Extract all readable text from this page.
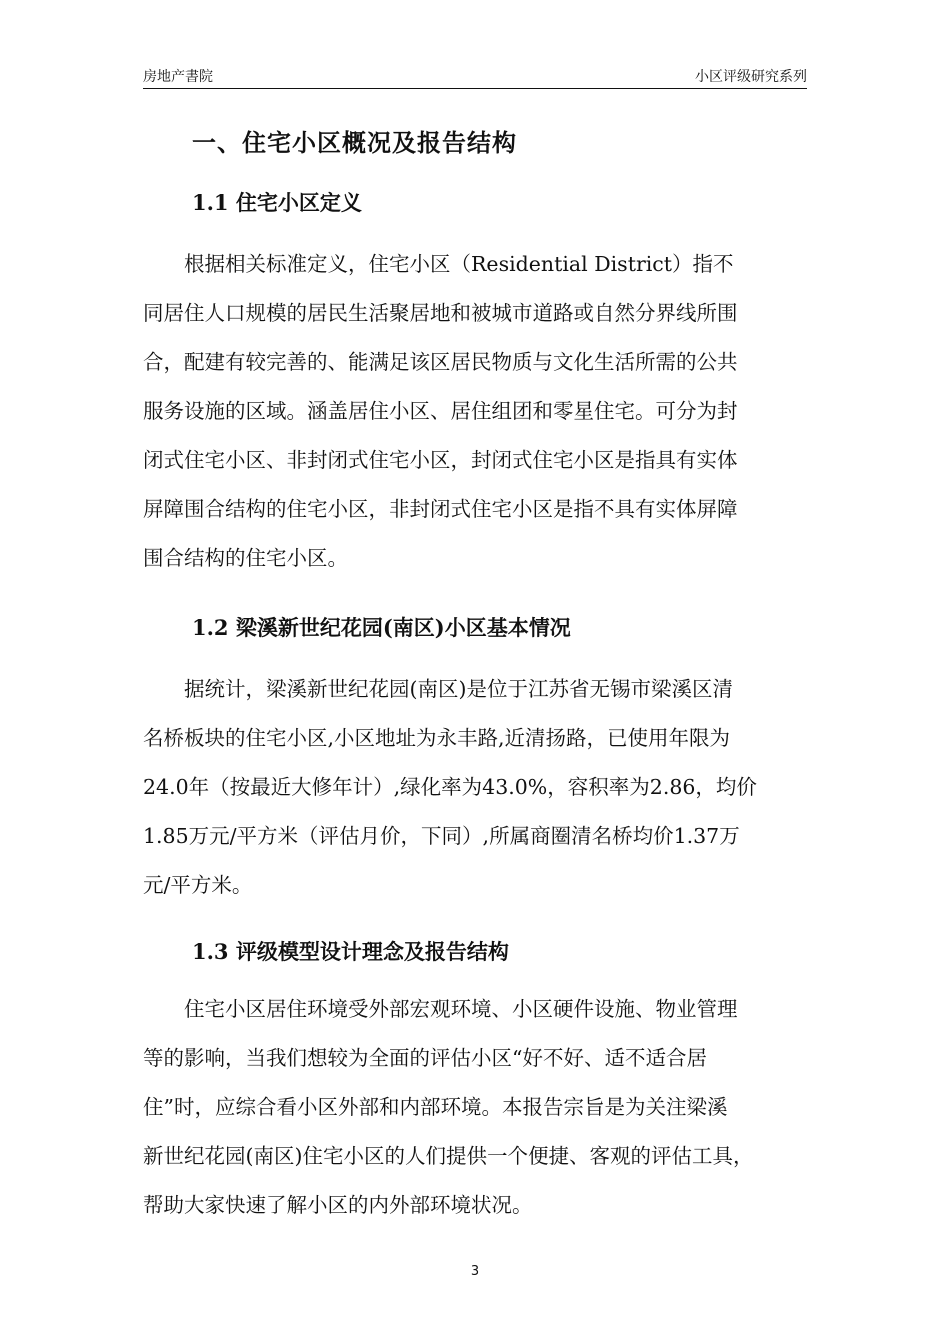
房地产書院	小区评级研究系列
一、住宅小区概况及报告结构
1.1 住宅小区定义
　　根据相关标准定义，住宅小区（Residential District）指不
同居住人口规模的居民生活聚居地和被城市道路或自然分界线所围
合，配建有较完善的、能满足该区居民物质与文化生活所需的公共
服务设施的区域。涵盖居住小区、居住组团和零星住宅。可分为封
闭式住宅小区、非封闭式住宅小区，封闭式住宅小区是指具有实体
屏障围合结构的住宅小区，非封闭式住宅小区是指不具有实体屏障
围合结构的住宅小区。
1.2 梁溪新世纪花园(南区)小区基本情况
　　据统计，梁溪新世纪花园(南区)是位于江苏省无锡市梁溪区清
名桥板块的住宅小区,小区地址为永丰路,近清扬路，已使用年限为
24.0年（按最近大修年计）,绿化率为43.0%，容积率为2.86，均价
1.85万元/平方米（评估月价，下同）,所属商圈清名桥均价1.37万
元/平方米。
1.3 评级模型设计理念及报告结构
　　住宅小区居住环境受外部宏观环境、小区硬件设施、物业管理
等的影响，当我们想较为全面的评估小区“好不好、适不适合居
住”时，应综合看小区外部和内部环境。本报告宗旨是为关注梁溪
新世纪花园(南区)住宅小区的人们提供一个便捷、客观的评估工具，
帮助大家快速了解小区的内外部环境状况。
3
